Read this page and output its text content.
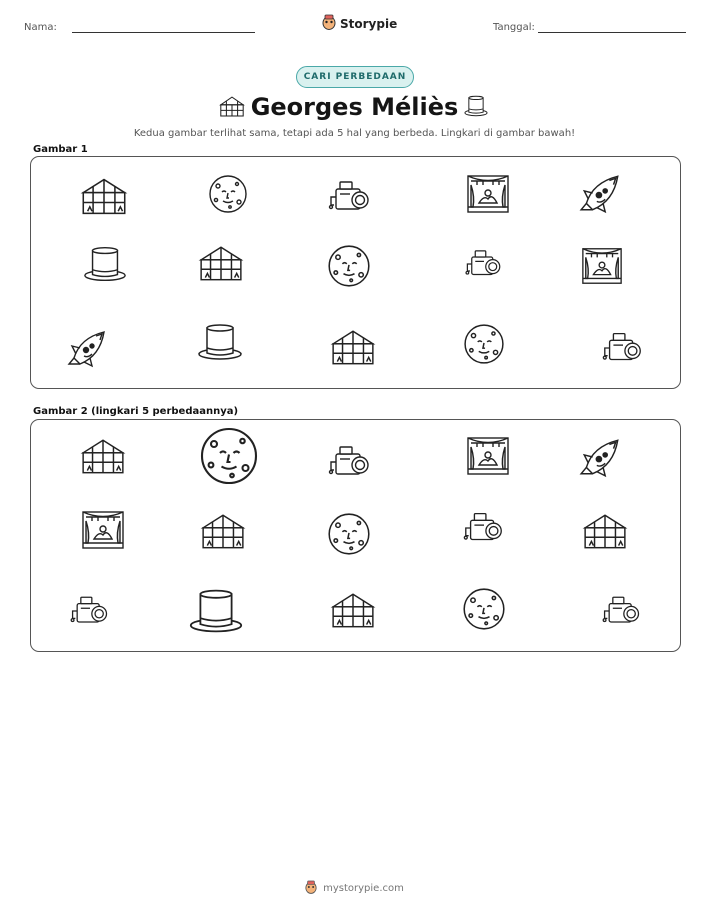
Nama:	Storypie	Tanggal:
CARI PERBEDAAN
Georges Méliès
Kedua gambar terlihat sama, tetapi ada 5 hal yang berbeda. Lingkari di gambar bawah!
Gambar 1
Gambar 2 (lingkari 5 perbedaannya)
mystorypie.com
